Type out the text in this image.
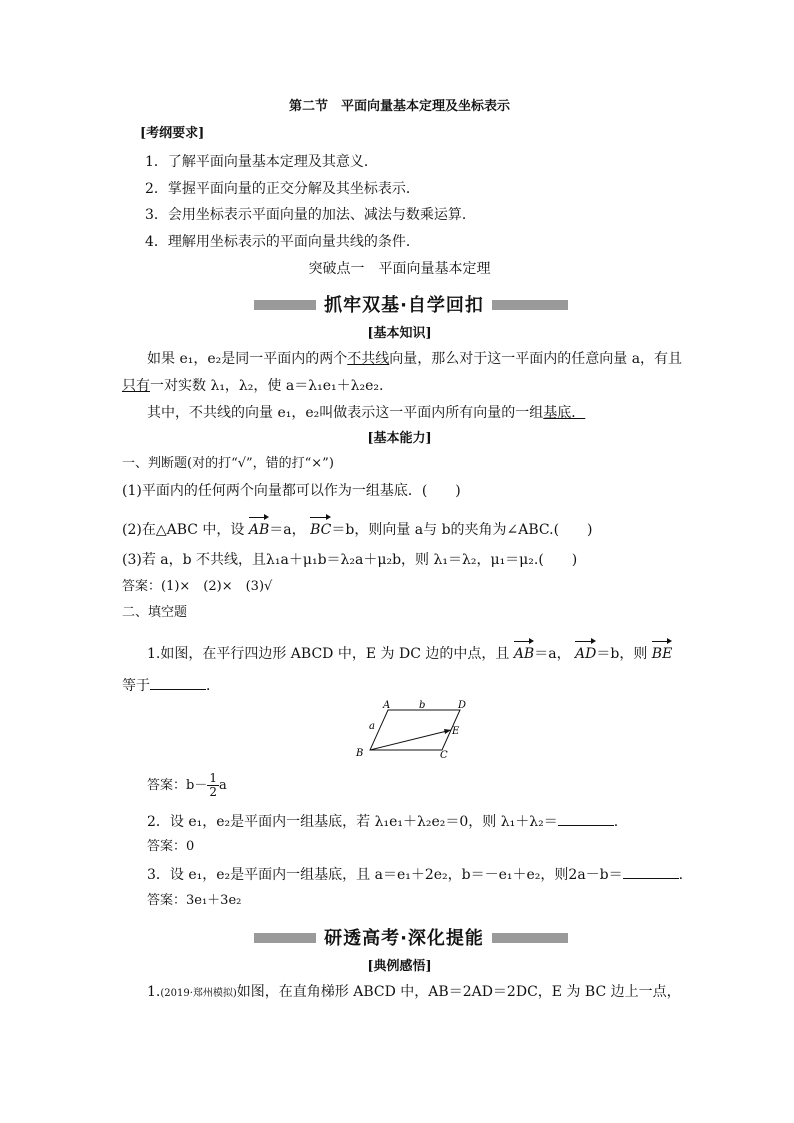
第二节　平面向量基本定理及坐标表示
[考纲要求]
1．了解平面向量基本定理及其意义．
2．掌握平面向量的正交分解及其坐标表示．
3．会用坐标表示平面向量的加法、减法与数乘运算．
4．理解用坐标表示的平面向量共线的条件．
突破点一　平面向量基本定理
抓牢双基·自学回扣
[基本知识]
如果 e₁，e₂是同一平面内的两个不共线向量，那么对于这一平面内的任意向量 a，有且
只有一对实数 λ₁，λ₂，使 a＝λ₁e₁＋λ₂e₂.
其中，不共线的向量 e₁，e₂叫做表示这一平面内所有向量的一组基底．
[基本能力]
一、判断题(对的打“√”，错的打“×”)
(1)平面内的任何两个向量都可以作为一组基底．(　　)
(2)在△ABC 中，设 AB＝a， BC＝b，则向量 a与 b的夹角为∠ABC.(　　)
(3)若 a，b 不共线，且λ₁a＋μ₁b＝λ₂a＋μ₂b，则 λ₁＝λ₂，μ₁＝μ₂.(　　)
答案：(1)×　(2)×　(3)√
二、填空题
1.如图，在平行四边形 ABCD 中，E 为 DC 边的中点，且 AB＝a， AD＝b，则 BE
等于	．
A	D
B	C
E
a
b
答案：$b- \frac{1}{2}$ a
2．设 e₁，e₂是平面内一组基底，若 λ₁e₁＋λ₂e₂＝0，则 λ₁＋λ₂＝	.
答案：0
3．设 e₁，e₂是平面内一组基底，且 a＝e₁＋2e₂，b＝－e₁＋e₂，则2a－b＝	.
答案：3e₁＋3e₂
研透高考·深化提能
[典例感悟]
1.(2019·郑州模拟)如图，在直角梯形 ABCD 中，AB＝2AD＝2DC，E 为 BC 边上一点，
